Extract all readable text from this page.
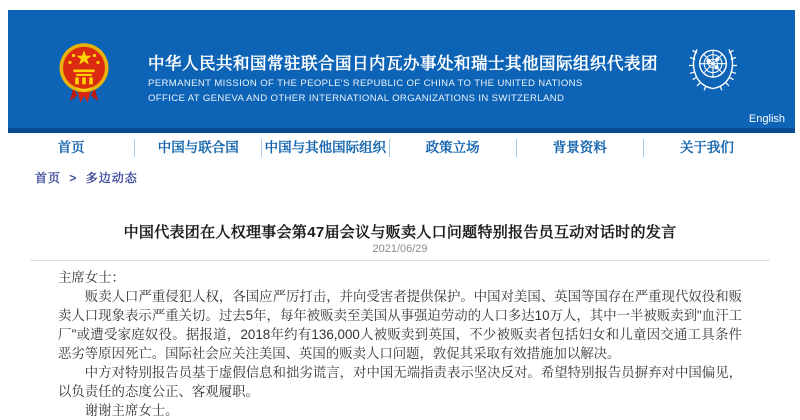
中华人民共和国常驻联合国日内瓦办事处和瑞士其他国际组织代表团
PERMANENT MISSION OF THE PEOPLE'S REPUBLIC OF CHINA TO THE UNITED NATIONS
OFFICE AT GENEVA AND OTHER INTERNATIONAL ORGANIZATIONS IN SWITZERLAND
English
首页	中国与联合国	中国与其他国际组织	政策立场	背景资料	关于我们
首页 > 多边动态
中国代表团在人权理事会第47届会议与贩卖人口问题特别报告员互动对话时的发言
2021/06/29

主席女士：

贩卖人口严重侵犯人权，各国应严厉打击，并向受害者提供保护。中国对美国、英国等国存在严重现代奴役和贩卖人口现象表示严重关切。过去5年，每年被贩卖至美国从事强迫劳动的人口多达10万人，其中一半被贩卖到"血汗工厂"或遭受家庭奴役。据报道，2018年约有136,000人被贩卖到英国，不少被贩卖者包括妇女和儿童因交通工具条件恶劣等原因死亡。国际社会应关注美国、英国的贩卖人口问题，敦促其采取有效措施加以解决。

中方对特别报告员基于虚假信息和拙劣谎言，对中国无端指责表示坚决反对。希望特别报告员摒弃对中国偏见，以负责任的态度公正、客观履职。

谢谢主席女士。
